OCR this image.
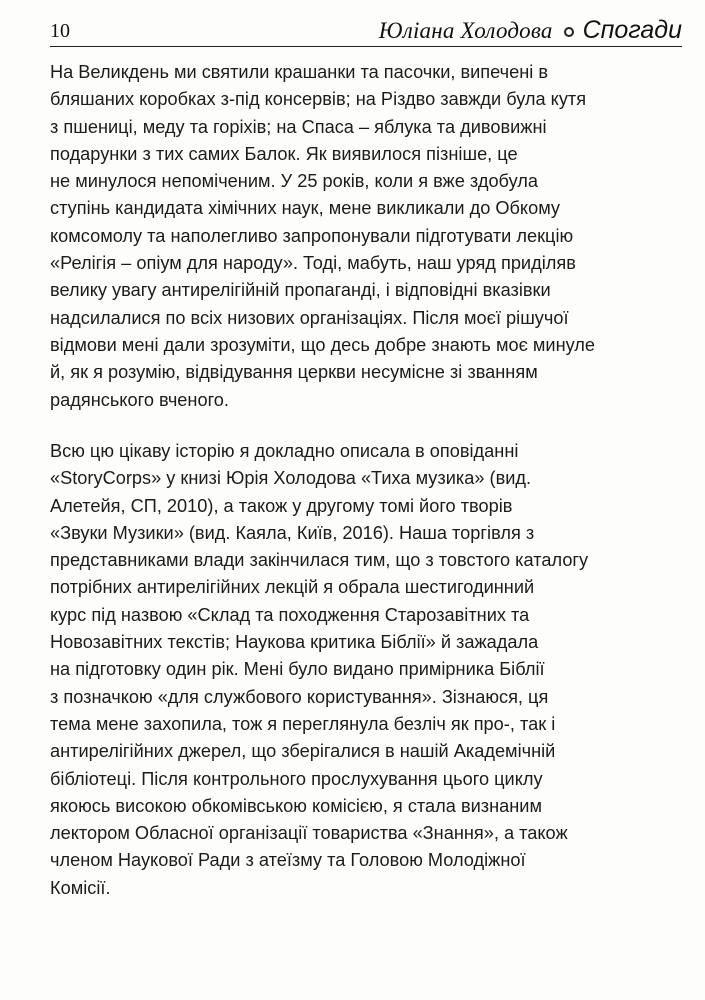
10	Юліана Холодова Спогади

На Великдень ми святили крашанки та пасочки, випечені в
бляшаних коробках з-під консервів; на Різдво завжди була кутя
з пшениці, меду та горіхів; на Спаса – яблука та дивовижні
подарунки з тих самих Балок. Як виявилося пізніше, це
не минулося непоміченим. У 25 років, коли я вже здобула
ступінь кандидата хімічних наук, мене викликали до Обкому
комсомолу та наполегливо запропонували підготувати лекцію
«Релігія – опіум для народу». Тоді, мабуть, наш уряд приділяв
велику увагу антирелігійній пропаганді, і відповідні вказівки
надсилалися по всіх низових організаціях. Після моєї рішучої
відмови мені дали зрозуміти, що десь добре знають моє минуле
й, як я розумію, відвідування церкви несумісне зі званням
радянського вченого.

Всю цю цікаву історію я докладно описала в оповіданні
«StoryCorps» у книзі Юрія Холодова «Тиха музика» (вид.
Алетейя, СП, 2010), а також у другому томі його творів
«Звуки Музики» (вид. Каяла, Київ, 2016). Наша торгівля з
представниками влади закінчилася тим, що з товстого каталогу
потрібних антирелігійних лекцій я обрала шестигодинний
курс під назвою «Склад та походження Старозавітних та
Новозавітних текстів; Наукова критика Біблії» й зажадала
на підготовку один рік. Мені було видано примірника Біблії
з позначкою «для службового користування». Зізнаюся, ця
тема мене захопила, тож я переглянула безліч як про-, так і
антирелігійних джерел, що зберігалися в нашій Академічній
бібліотеці. Після контрольного прослухування цього циклу
якоюсь високою обкомівською комісією, я стала визнаним
лектором Обласної організації товариства «Знання», а також
членом Наукової Ради з атеїзму та Головою Молодіжної
Комісії.
